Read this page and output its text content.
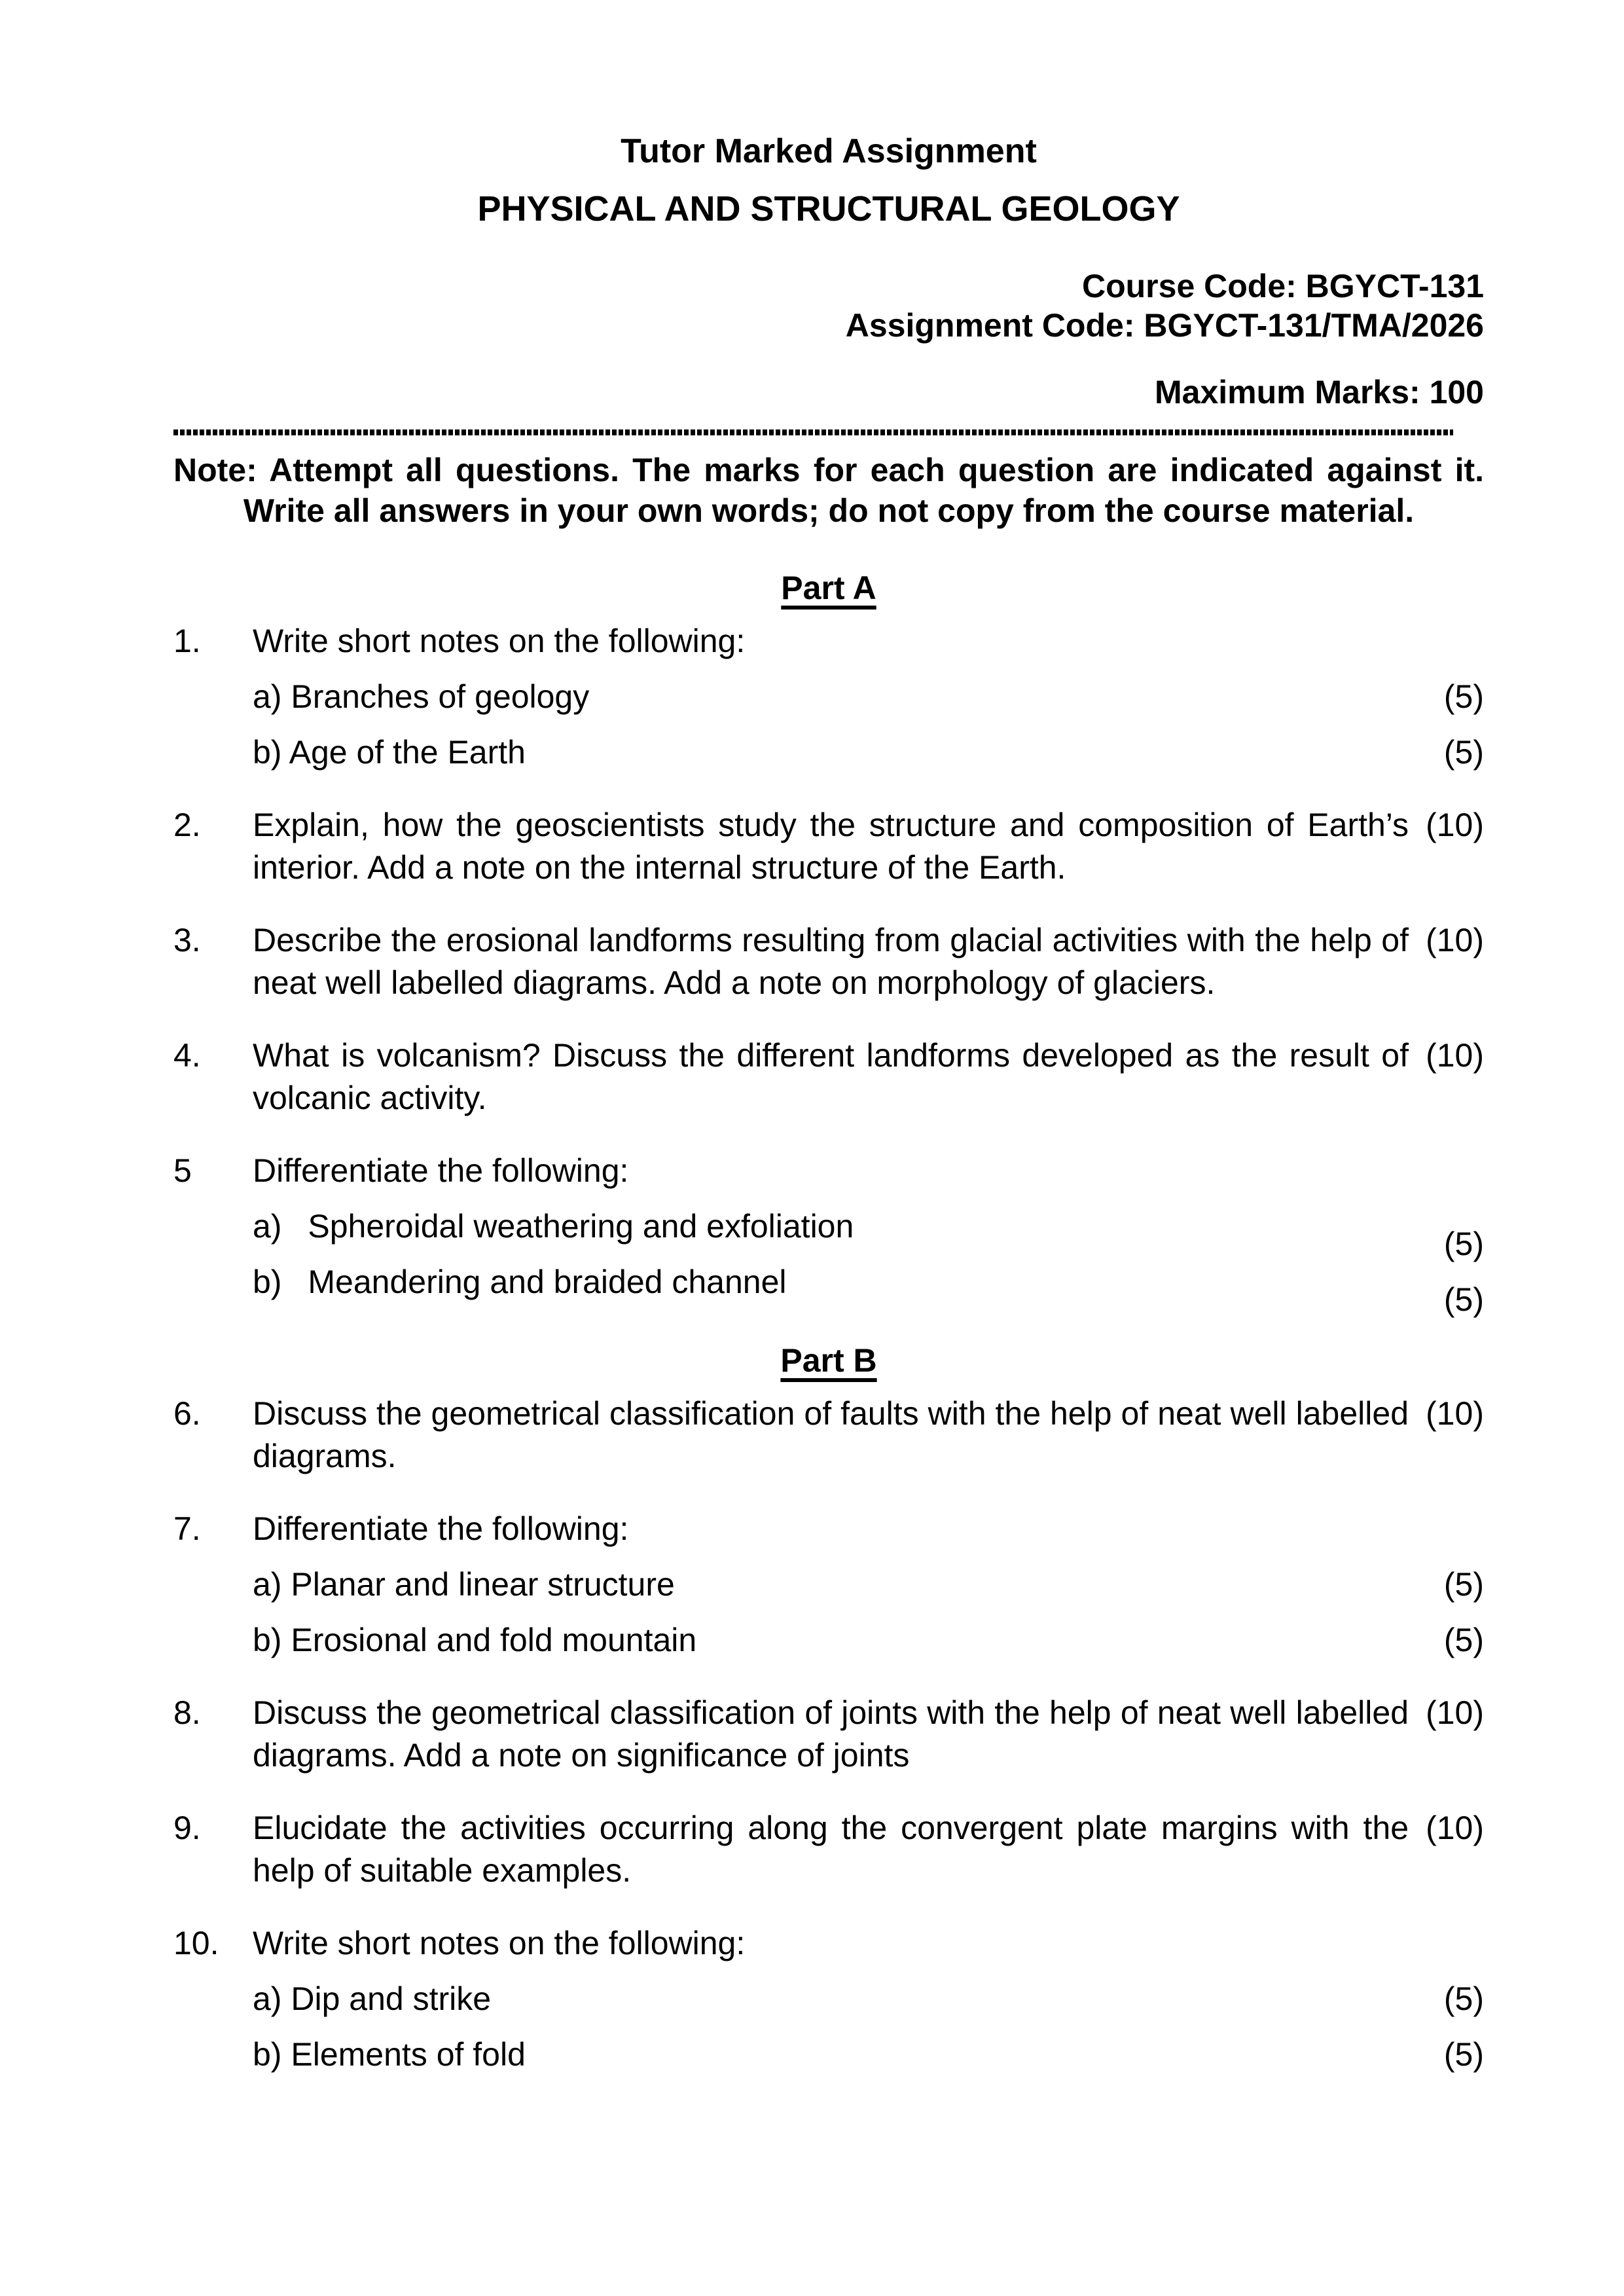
Tutor Marked Assignment
PHYSICAL AND STRUCTURAL GEOLOGY
Course Code: BGYCT-131
Assignment Code: BGYCT-131/TMA/2026
Maximum Marks: 100
Note: Attempt all questions. The marks for each question are indicated against it.
Write all answers in your own words; do not copy from the course material.
Part A
1.	Write short notes on the following:
a) Branches of geology	(5)
b) Age of the Earth	(5)
2.	Explain, how the geoscientists study the structure and composition of Earth’s interior. Add a note on the internal structure of the Earth.
(10)
3.	Describe the erosional landforms resulting from glacial activities with the help of neat well labelled diagrams. Add a note on morphology of glaciers.
(10)
4.	What is volcanism? Discuss the different landforms developed as the result of volcanic activity.
(10)
5	Differentiate the following:
a) Spheroidal weathering and exfoliation	(5)
b) Meandering and braided channel	(5)
Part B
6.	Discuss the geometrical classification of faults with the help of neat well labelled diagrams.
(10)
7.	Differentiate the following:
a) Planar and linear structure	(5)
b) Erosional and fold mountain	(5)
8.	Discuss the geometrical classification of joints with the help of neat well labelled diagrams. Add a note on significance of joints
(10)
9.	Elucidate the activities occurring along the convergent plate margins with the help of suitable examples.
(10)
10.	Write short notes on the following:
a) Dip and strike	(5)
b) Elements of fold	(5)
